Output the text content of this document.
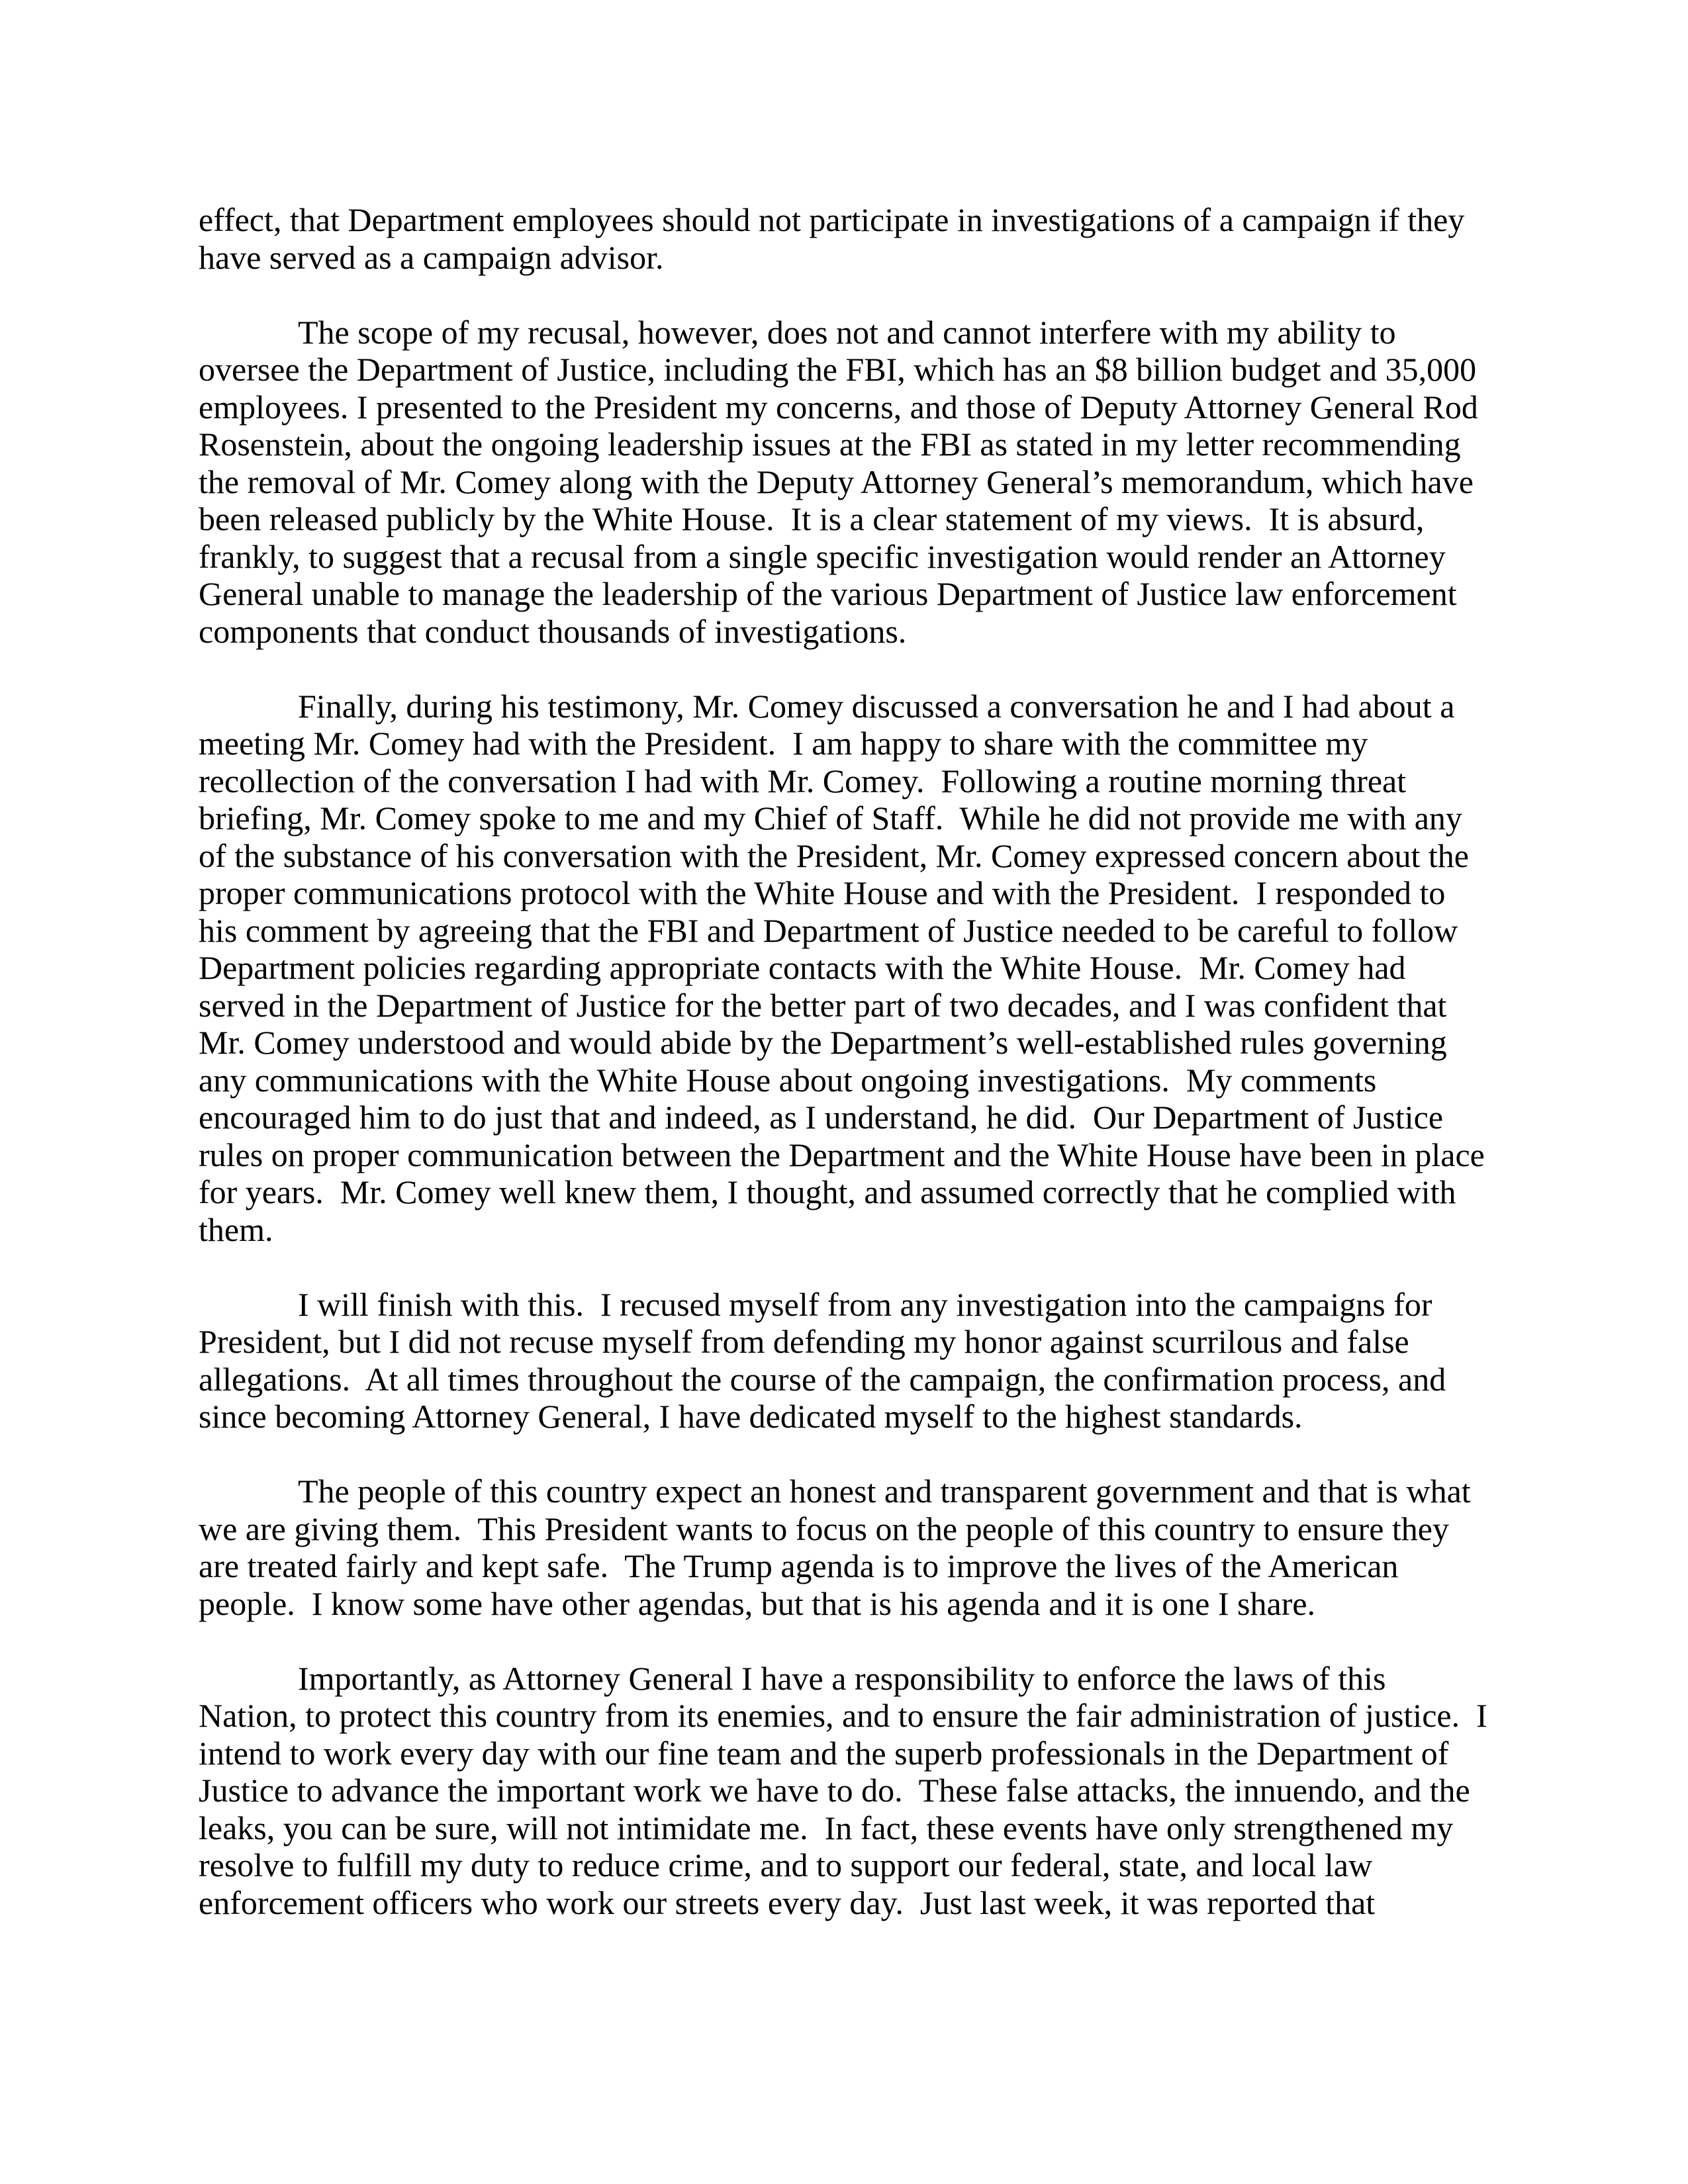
effect, that Department employees should not participate in investigations of a campaign if they
have served as a campaign advisor.

The scope of my recusal, however, does not and cannot interfere with my ability to
oversee the Department of Justice, including the FBI, which has an $8 billion budget and 35,000
employees. I presented to the President my concerns, and those of Deputy Attorney General Rod
Rosenstein, about the ongoing leadership issues at the FBI as stated in my letter recommending
the removal of Mr. Comey along with the Deputy Attorney General’s memorandum, which have
been released publicly by the White House.  It is a clear statement of my views.  It is absurd,
frankly, to suggest that a recusal from a single specific investigation would render an Attorney
General unable to manage the leadership of the various Department of Justice law enforcement
components that conduct thousands of investigations.

Finally, during his testimony, Mr. Comey discussed a conversation he and I had about a
meeting Mr. Comey had with the President.  I am happy to share with the committee my
recollection of the conversation I had with Mr. Comey.  Following a routine morning threat
briefing, Mr. Comey spoke to me and my Chief of Staff.  While he did not provide me with any
of the substance of his conversation with the President, Mr. Comey expressed concern about the
proper communications protocol with the White House and with the President.  I responded to
his comment by agreeing that the FBI and Department of Justice needed to be careful to follow
Department policies regarding appropriate contacts with the White House.  Mr. Comey had
served in the Department of Justice for the better part of two decades, and I was confident that
Mr. Comey understood and would abide by the Department’s well-established rules governing
any communications with the White House about ongoing investigations.  My comments
encouraged him to do just that and indeed, as I understand, he did.  Our Department of Justice
rules on proper communication between the Department and the White House have been in place
for years.  Mr. Comey well knew them, I thought, and assumed correctly that he complied with
them.

I will finish with this.  I recused myself from any investigation into the campaigns for
President, but I did not recuse myself from defending my honor against scurrilous and false
allegations.  At all times throughout the course of the campaign, the confirmation process, and
since becoming Attorney General, I have dedicated myself to the highest standards.

The people of this country expect an honest and transparent government and that is what
we are giving them.  This President wants to focus on the people of this country to ensure they
are treated fairly and kept safe.  The Trump agenda is to improve the lives of the American
people.  I know some have other agendas, but that is his agenda and it is one I share.

Importantly, as Attorney General I have a responsibility to enforce the laws of this
Nation, to protect this country from its enemies, and to ensure the fair administration of justice.  I
intend to work every day with our fine team and the superb professionals in the Department of
Justice to advance the important work we have to do.  These false attacks, the innuendo, and the
leaks, you can be sure, will not intimidate me.  In fact, these events have only strengthened my
resolve to fulfill my duty to reduce crime, and to support our federal, state, and local law
enforcement officers who work our streets every day.  Just last week, it was reported that
